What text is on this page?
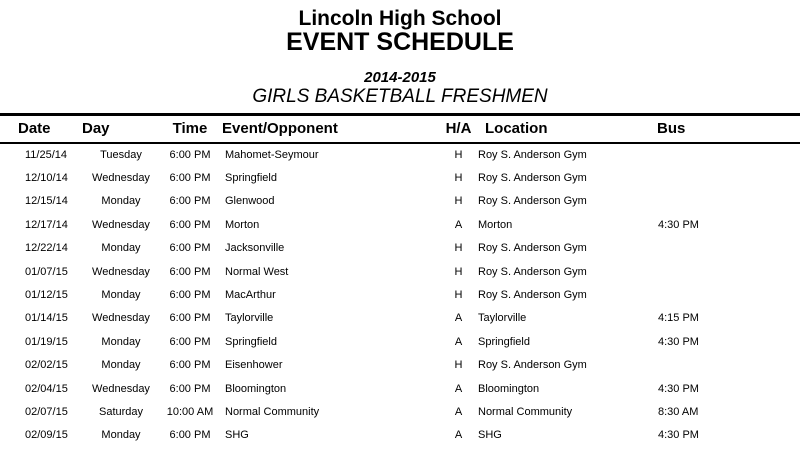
Lincoln High School
EVENT SCHEDULE
2014-2015
GIRLS BASKETBALL FRESHMEN
Date	Day	Time	Event/Opponent	H/A	Location	Bus
11/25/14	Tuesday	6:00 PM	Mahomet-Seymour	H	Roy S. Anderson Gym	
12/10/14	Wednesday	6:00 PM	Springfield	H	Roy S. Anderson Gym	
12/15/14	Monday	6:00 PM	Glenwood	H	Roy S. Anderson Gym	
12/17/14	Wednesday	6:00 PM	Morton	A	Morton	4:30 PM
12/22/14	Monday	6:00 PM	Jacksonville	H	Roy S. Anderson Gym	
01/07/15	Wednesday	6:00 PM	Normal West	H	Roy S. Anderson Gym	
01/12/15	Monday	6:00 PM	MacArthur	H	Roy S. Anderson Gym	
01/14/15	Wednesday	6:00 PM	Taylorville	A	Taylorville	4:15 PM
01/19/15	Monday	6:00 PM	Springfield	A	Springfield	4:30 PM
02/02/15	Monday	6:00 PM	Eisenhower	H	Roy S. Anderson Gym	
02/04/15	Wednesday	6:00 PM	Bloomington	A	Bloomington	4:30 PM
02/07/15	Saturday	10:00 AM	Normal Community	A	Normal Community	8:30 AM
02/09/15	Monday	6:00 PM	SHG	A	SHG	4:30 PM
